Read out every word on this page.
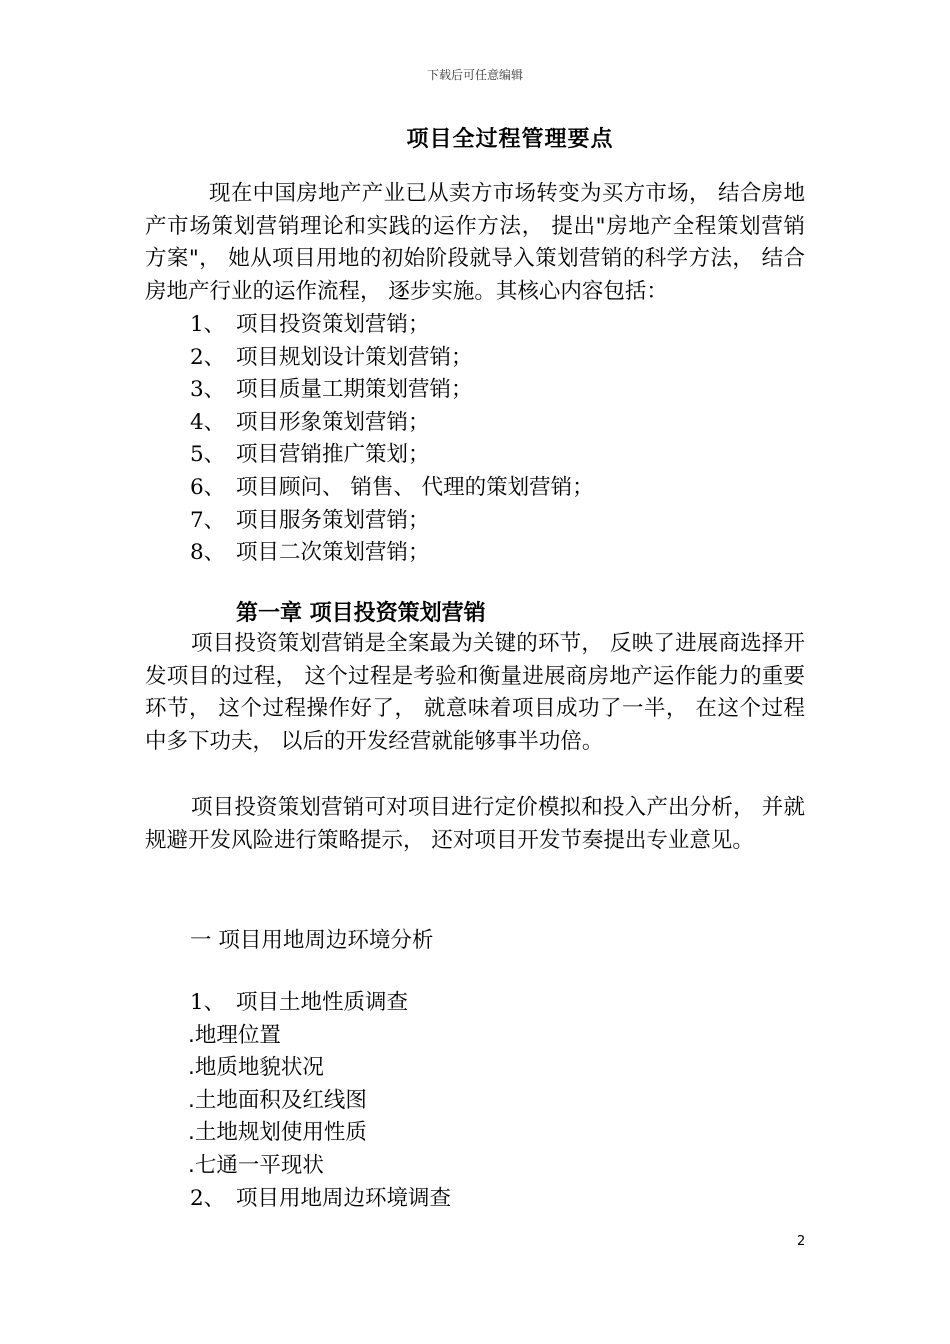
下载后可任意编辑
项目全过程管理要点
现在中国房地产产业已从卖方市场转变为买方市场， 结合房地产市场策划营销理论和实践的运作方法， 提出"房地产全程策划营销方案"， 她从项目用地的初始阶段就导入策划营销的科学方法， 结合房地产行业的运作流程， 逐步实施。其核心内容包括：
1、 项目投资策划营销；
2、 项目规划设计策划营销；
3、 项目质量工期策划营销；
4、 项目形象策划营销；
5、 项目营销推广策划；
6、 项目顾问、 销售、 代理的策划营销；
7、 项目服务策划营销；
8、 项目二次策划营销；
第一章 项目投资策划营销
项目投资策划营销是全案最为关键的环节， 反映了进展商选择开发项目的过程， 这个过程是考验和衡量进展商房地产运作能力的重要环节， 这个过程操作好了， 就意味着项目成功了一半， 在这个过程中多下功夫， 以后的开发经营就能够事半功倍。
项目投资策划营销可对项目进行定价模拟和投入产出分析， 并就规避开发风险进行策略提示， 还对项目开发节奏提出专业意见。
一 项目用地周边环境分析
1、 项目土地性质调查
.地理位置
.地质地貌状况
.土地面积及红线图
.土地规划使用性质
.七通一平现状
2、 项目用地周边环境调查
2
